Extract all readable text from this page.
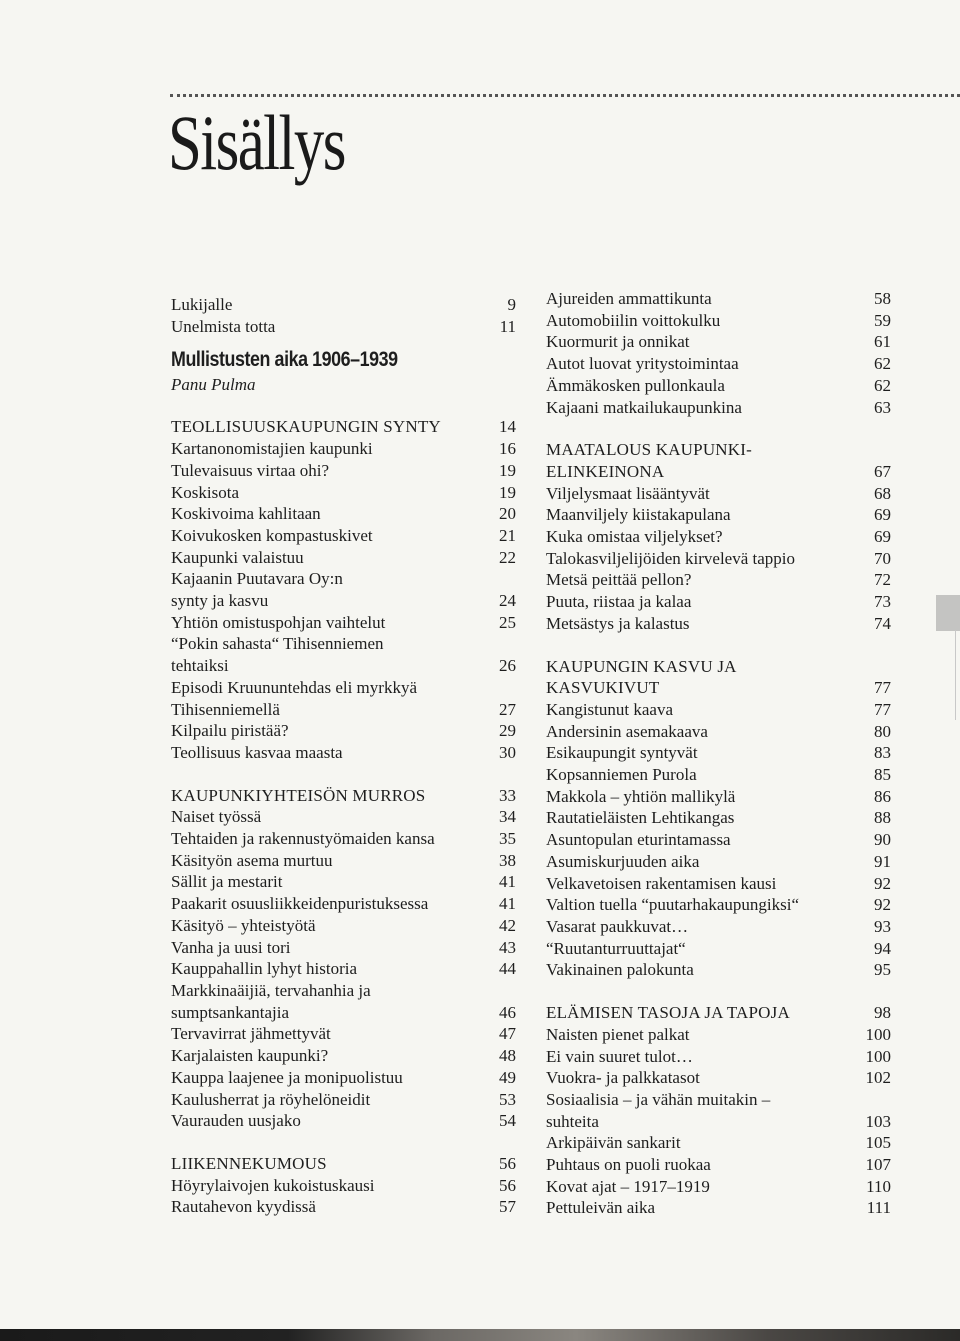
Sisällys
Lukijalle	9
Unelmista totta	11
Mullistusten aika 1906–1939
Panu Pulma
TEOLLISUUSKAUPUNGIN SYNTY	14
Kartanonomistajien kaupunki	16
Tulevaisuus virtaa ohi?	19
Koskisota	19
Koskivoima kahlitaan	20
Koivukosken kompastuskivet	21
Kaupunki valaistuu	22
Kajaanin Puutavara Oy:n
synty ja kasvu	24
Yhtiön omistuspohjan vaihtelut	25
“Pokin sahasta“ Tihisenniemen
tehtaiksi	26
Episodi Kruununtehdas eli myrkkyä
Tihisenniemellä	27
Kilpailu piristää?	29
Teollisuus kasvaa maasta	30
KAUPUNKIYHTEISÖN MURROS	33
Naiset työssä	34
Tehtaiden ja rakennustyömaiden kansa	35
Käsityön asema murtuu	38
Sällit ja mestarit	41
Paakarit osuusliikkeidenpuristuksessa	41
Käsityö – yhteistyötä	42
Vanha ja uusi tori	43
Kauppahallin lyhyt historia	44
Markkinaäijiä, tervahanhia ja
sumptsankantajia	46
Tervavirrat jähmettyvät	47
Karjalaisten kaupunki?	48
Kauppa laajenee ja monipuolistuu	49
Kaulusherrat ja röyhelöneidit	53
Vaurauden uusjako	54
LIIKENNEKUMOUS	56
Höyrylaivojen kukoistuskausi	56
Rautahevon kyydissä	57
Ajureiden ammattikunta	58
Automobiilin voittokulku	59
Kuormurit ja onnikat	61
Autot luovat yritystoimintaa	62
Ämmäkosken pullonkaula	62
Kajaani matkailukaupunkina	63
MAATALOUS KAUPUNKI-
ELINKEINONA	67
Viljelysmaat lisääntyvät	68
Maanviljely kiistakapulana	69
Kuka omistaa viljelykset?	69
Talokasviljelijöiden kirvelevä tappio	70
Metsä peittää pellon?	72
Puuta, riistaa ja kalaa	73
Metsästys ja kalastus	74
KAUPUNGIN KASVU JA
KASVUKIVUT	77
Kangistunut kaava	77
Andersinin asemakaava	80
Esikaupungit syntyvät	83
Kopsanniemen Purola	85
Makkola – yhtiön mallikylä	86
Rautatieläisten Lehtikangas	88
Asuntopulan eturintamassa	90
Asumiskurjuuden aika	91
Velkavetoisen rakentamisen kausi	92
Valtion tuella “puutarhakaupungiksi“	92
Vasarat paukkuvat…	93
“Ruutanturruuttajat“	94
Vakinainen palokunta	95
ELÄMISEN TASOJA JA TAPOJA	98
Naisten pienet palkat	100
Ei vain suuret tulot…	100
Vuokra- ja palkkatasot	102
Sosiaalisia – ja vähän muitakin –
suhteita	103
Arkipäivän sankarit	105
Puhtaus on puoli ruokaa	107
Kovat ajat – 1917–1919	110
Pettuleivän aika	111
